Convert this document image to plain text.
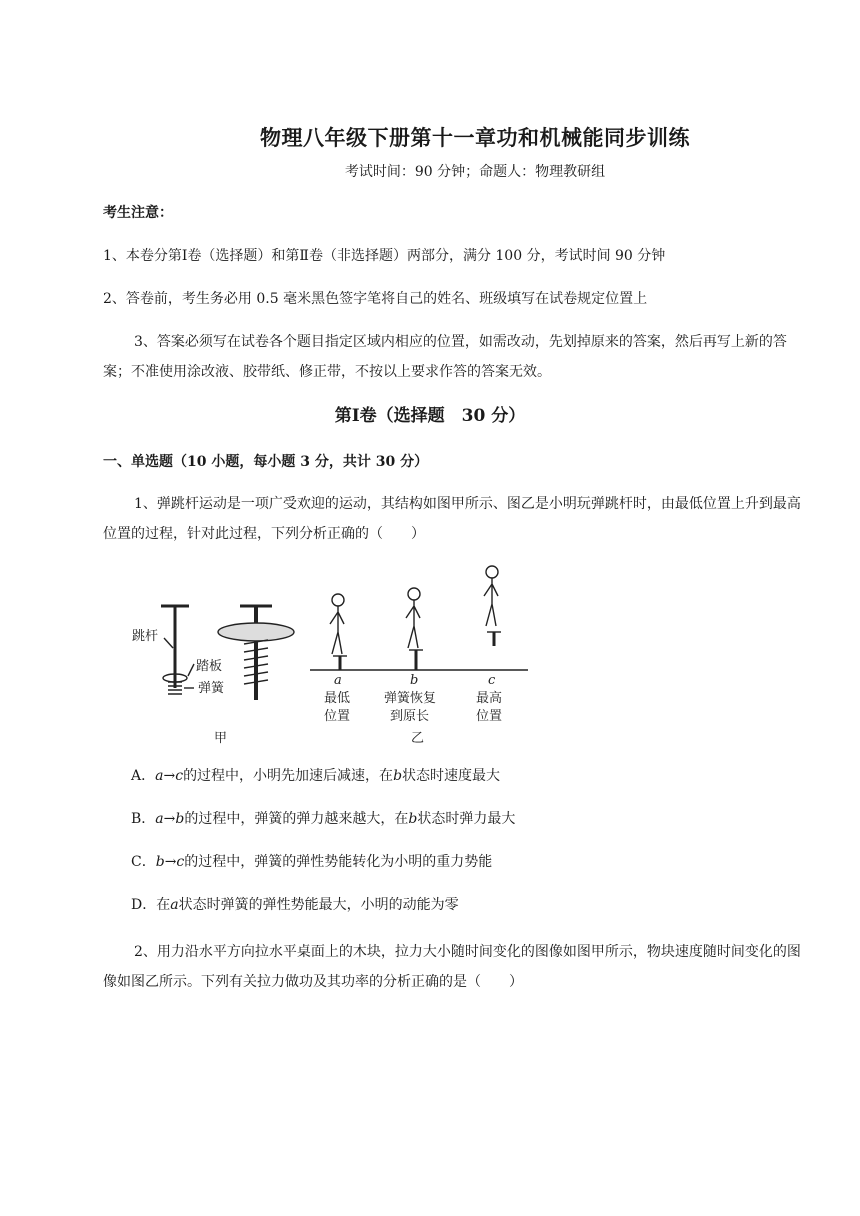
物理八年级下册第十一章功和机械能同步训练
考试时间：90 分钟；命题人：物理教研组
考生注意：
1、本卷分第Ⅰ卷（选择题）和第Ⅱ卷（非选择题）两部分，满分 100 分，考试时间 90 分钟
2、答卷前，考生务必用 0.5 毫米黑色签字笔将自己的姓名、班级填写在试卷规定位置上
3、答案必须写在试卷各个题目指定区域内相应的位置，如需改动，先划掉原来的答案，然后再写上新的答案；不准使用涂改液、胶带纸、修正带，不按以上要求作答的答案无效。
第Ⅰ卷（选择题　30 分）
一、单选题（10 小题，每小题 3 分，共计 30 分）
1、弹跳杆运动是一项广受欢迎的运动，其结构如图甲所示、图乙是小明玩弹跳杆时，由最低位置上升到最高位置的过程，针对此过程，下列分析正确的（　　）
跳杆
踏板
弹簧
甲
a	b	c
最低
位置
弹簧恢复
到原长
最高
位置
乙
A．a→c的过程中，小明先加速后减速，在b状态时速度最大
B．a→b的过程中，弹簧的弹力越来越大，在b状态时弹力最大
C．b→c的过程中，弹簧的弹性势能转化为小明的重力势能
D．在a状态时弹簧的弹性势能最大，小明的动能为零
2、用力沿水平方向拉水平桌面上的木块，拉力大小随时间变化的图像如图甲所示，物块速度随时间变化的图像如图乙所示。下列有关拉力做功及其功率的分析正确的是（　　）
